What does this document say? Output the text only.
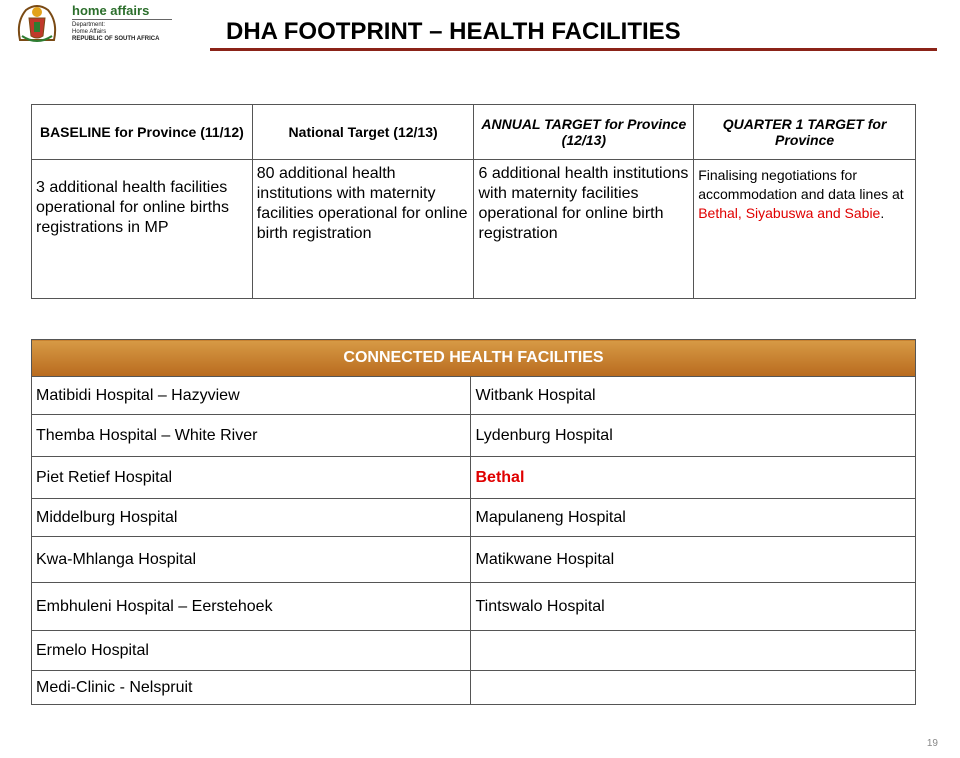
home affairs
Department:
Home Affairs
REPUBLIC OF SOUTH AFRICA	DHA FOOTPRINT – HEALTH FACILITIES
BASELINE for Province (11/12)	National Target (12/13)	ANNUAL TARGET for Province (12/13)	QUARTER 1 TARGET for Province
3 additional health facilities operational for online births registrations in MP	80 additional health institutions with maternity facilities operational for online birth registration	6 additional health institutions with maternity facilities operational for online birth registration	Finalising negotiations for accommodation and data lines at Bethal, Siyabuswa and Sabie.
CONNECTED HEALTH FACILITIES	
Matibidi Hospital – Hazyview	Witbank Hospital
Themba Hospital – White River	Lydenburg Hospital
Piet Retief Hospital	Bethal
Middelburg Hospital	Mapulaneng Hospital
Kwa-Mhlanga Hospital	Matikwane Hospital
Embhuleni Hospital – Eerstehoek	Tintswalo Hospital
Ermelo Hospital	
Medi-Clinic - Nelspruit	
19
